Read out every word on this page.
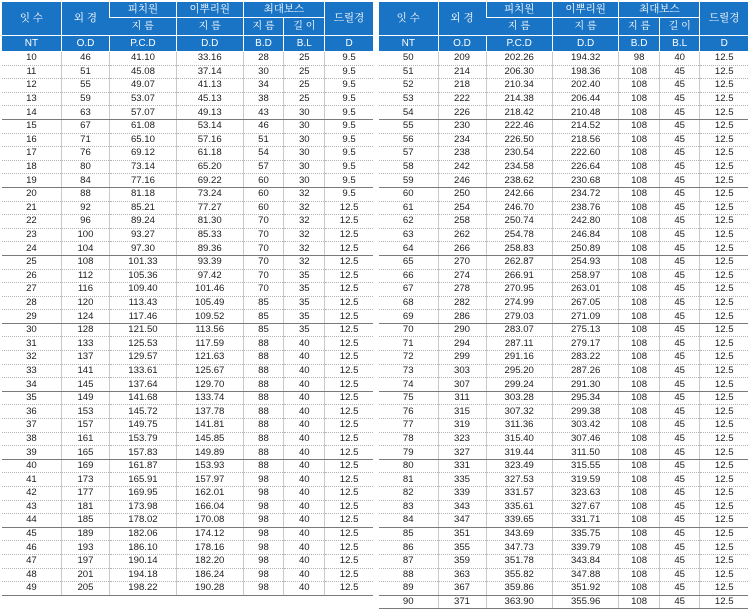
잇 수	외 경	피치원	이뿌리원	최대보스		드릴경
		지 름	지 름	지 름	길 이	
NT	O.D	P.C.D	D.D	B.D	B.L	D
10	46	41.10	33.16	28	25	9.5
11	51	45.08	37.14	30	25	9.5
12	55	49.07	41.13	34	25	9.5
13	59	53.07	45.13	38	25	9.5
14	63	57.07	49.13	43	30	9.5
15	67	61.08	53.14	46	30	9.5
16	71	65.10	57.16	51	30	9.5
17	76	69.12	61.18	54	30	9.5
18	80	73.14	65.20	57	30	9.5
19	84	77.16	69.22	60	30	9.5
20	88	81.18	73.24	60	32	9.5
21	92	85.21	77.27	60	32	12.5
22	96	89.24	81.30	70	32	12.5
23	100	93.27	85.33	70	32	12.5
24	104	97.30	89.36	70	32	12.5
25	108	101.33	93.39	70	32	12.5
26	112	105.36	97.42	70	35	12.5
27	116	109.40	101.46	70	35	12.5
28	120	113.43	105.49	85	35	12.5
29	124	117.46	109.52	85	35	12.5
30	128	121.50	113.56	85	35	12.5
31	133	125.53	117.59	88	40	12.5
32	137	129.57	121.63	88	40	12.5
33	141	133.61	125.67	88	40	12.5
34	145	137.64	129.70	88	40	12.5
35	149	141.68	133.74	88	40	12.5
36	153	145.72	137.78	88	40	12.5
37	157	149.75	141.81	88	40	12.5
38	161	153.79	145.85	88	40	12.5
39	165	157.83	149.89	88	40	12.5
40	169	161.87	153.93	88	40	12.5
41	173	165.91	157.97	98	40	12.5
42	177	169.95	162.01	98	40	12.5
43	181	173.98	166.04	98	40	12.5
44	185	178.02	170.08	98	40	12.5
45	189	182.06	174.12	98	40	12.5
46	193	186.10	178.16	98	40	12.5
47	197	190.14	182.20	98	40	12.5
48	201	194.18	186.24	98	40	12.5
49	205	198.22	190.28	98	40	12.5
잇 수	외 경	피치원	이뿌리원	최대보스		드릴경
		지 름	지 름	지 름	길 이	
NT	O.D	P.C.D	D.D	B.D	B.L	D
50	209	202.26	194.32	98	40	12.5
51	214	206.30	198.36	108	45	12.5
52	218	210.34	202.40	108	45	12.5
53	222	214.38	206.44	108	45	12.5
54	226	218.42	210.48	108	45	12.5
55	230	222.46	214.52	108	45	12.5
56	234	226.50	218.56	108	45	12.5
57	238	230.54	222.60	108	45	12.5
58	242	234.58	226.64	108	45	12.5
59	246	238.62	230.68	108	45	12.5
60	250	242.66	234.72	108	45	12.5
61	254	246.70	238.76	108	45	12.5
62	258	250.74	242.80	108	45	12.5
63	262	254.78	246.84	108	45	12.5
64	266	258.83	250.89	108	45	12.5
65	270	262.87	254.93	108	45	12.5
66	274	266.91	258.97	108	45	12.5
67	278	270.95	263.01	108	45	12.5
68	282	274.99	267.05	108	45	12.5
69	286	279.03	271.09	108	45	12.5
70	290	283.07	275.13	108	45	12.5
71	294	287.11	279.17	108	45	12.5
72	299	291.16	283.22	108	45	12.5
73	303	295.20	287.26	108	45	12.5
74	307	299.24	291.30	108	45	12.5
75	311	303.28	295.34	108	45	12.5
76	315	307.32	299.38	108	45	12.5
77	319	311.36	303.42	108	45	12.5
78	323	315.40	307.46	108	45	12.5
79	327	319.44	311.50	108	45	12.5
80	331	323.49	315.55	108	45	12.5
81	335	327.53	319.59	108	45	12.5
82	339	331.57	323.63	108	45	12.5
83	343	335.61	327.67	108	45	12.5
84	347	339.65	331.71	108	45	12.5
85	351	343.69	335.75	108	45	12.5
86	355	347.73	339.79	108	45	12.5
87	359	351.78	343.84	108	45	12.5
88	363	355.82	347.88	108	45	12.5
89	367	359.86	351.92	108	45	12.5
90	371	363.90	355.96	108	45	12.5
